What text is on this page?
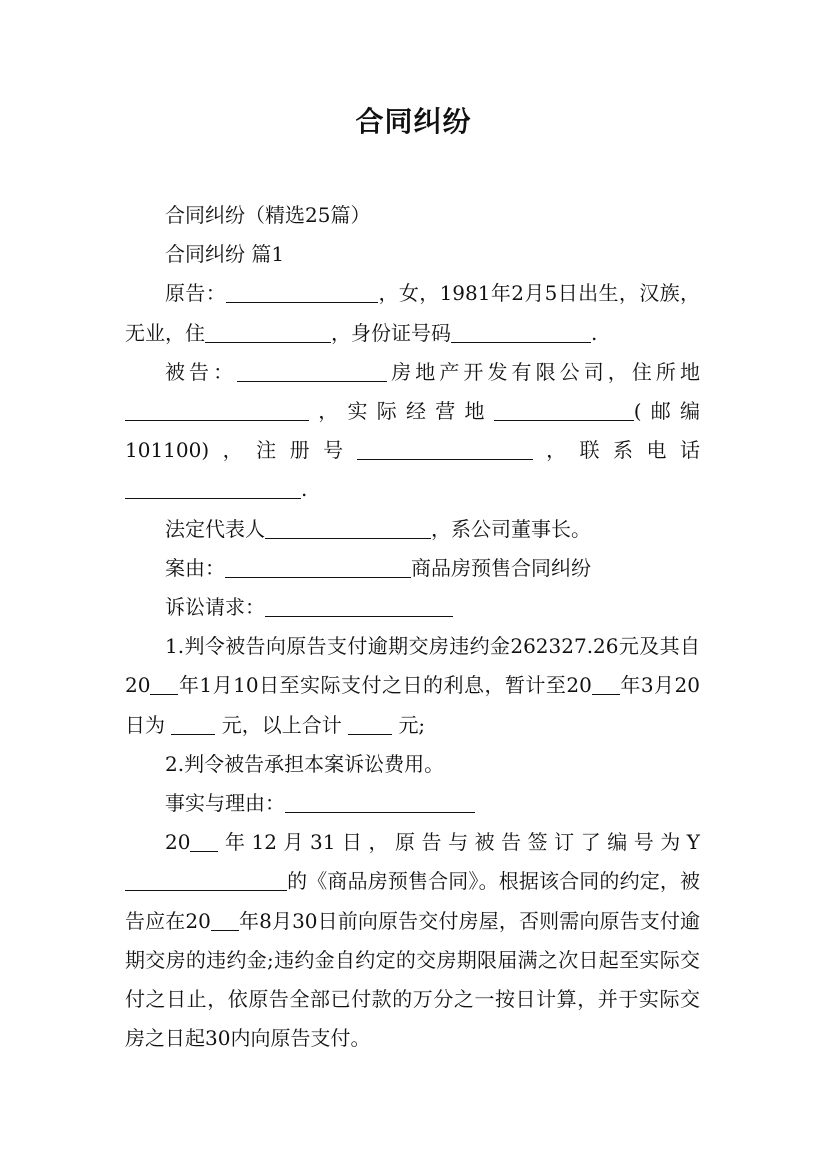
合同纠纷

合同纠纷（精选25篇）

合同纠纷 篇1

原告：	，女，1981年2月5日出生，汉族，无业，住	，身份证号码	.

被告：	房地产开发有限公司，住所地，实际经营地	(邮编101100)，注册号	，联系电话.

法定代表人	，系公司董事长。

案由：	商品房预售合同纠纷

诉讼请求：

1.判令被告向原告支付逾期交房违约金262327.26元及其自20 年1月10日至实际支付之日的利息，暂计至20 年3月20日为	元，以上合计	元;

2.判令被告承担本案诉讼费用。

事实与理由：

20 年12月31日，原告与被告签订了编号为Y的《商品房预售合同》。根据该合同的约定，被告应在20 年8月30日前向原告交付房屋，否则需向原告支付逾期交房的违约金;违约金自约定的交房期限届满之次日起至实际交付之日止，依原告全部已付款的万分之一按日计算，并于实际交房之日起30内向原告支付。
